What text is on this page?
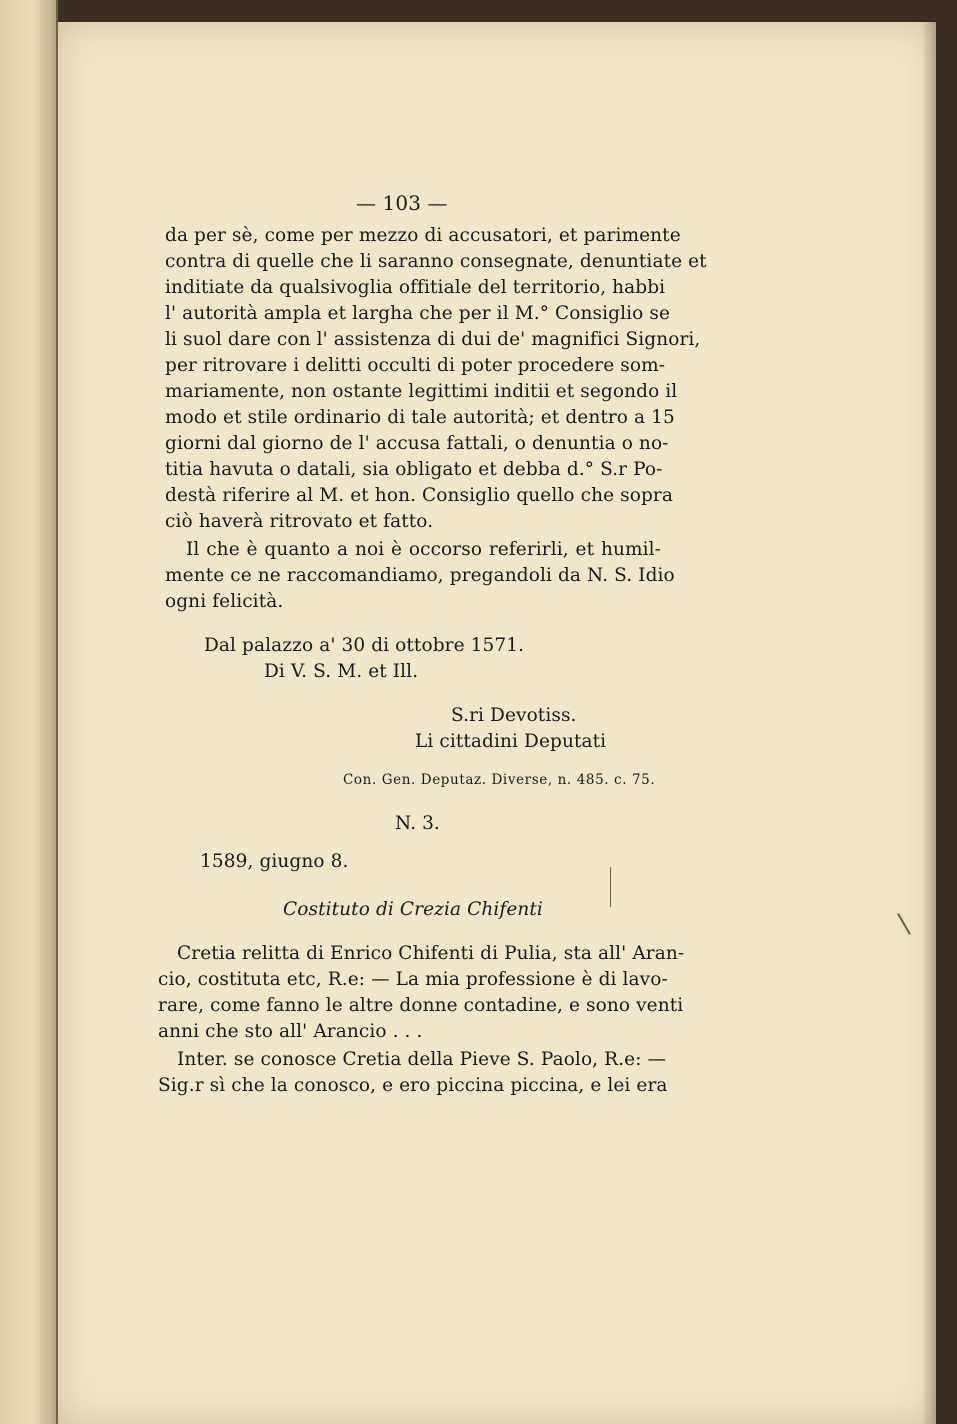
— 103 —
da per sè, come per mezzo di accusatori, et parimente
contra di quelle che li saranno consegnate, denuntiate et
inditiate da qualsivoglia offitiale del territorio, habbi
l' autorità ampla et largha che per il M.° Consiglio se
li suol dare con l' assistenza di dui de' magnifici Signori,
per ritrovare i delitti occulti di poter procedere som-
mariamente, non ostante legittimi inditii et segondo il
modo et stile ordinario di tale autorità; et dentro a 15
giorni dal giorno de l' accusa fattali, o denuntia o no-
titia havuta o datali, sia obligato et debba d.° S.r Po-
destà riferire al M. et hon. Consiglio quello che sopra
ciò haverà ritrovato et fatto.
Il che è quanto a noi è occorso referirli, et humil-
mente ce ne raccomandiamo, pregandoli da N. S. Idio
ogni felicità.
Dal palazzo a' 30 di ottobre 1571.
Di V. S. M. et Ill.
S.ri Devotiss.
Li cittadini Deputati
Con. Gen. Deputaz. Diverse, n. 485. c. 75.
N. 3.
1589, giugno 8.
Costituto di Crezia Chifenti
Cretia relitta di Enrico Chifenti di Pulia, sta all' Aran-
cio, costituta etc, R.e: — La mia professione è di lavo-
rare, come fanno le altre donne contadine, e sono venti
anni che sto all' Arancio . . .
Inter. se conosce Cretia della Pieve S. Paolo, R.e: —
Sig.r sì che la conosco, e ero piccina piccina, e lei era
